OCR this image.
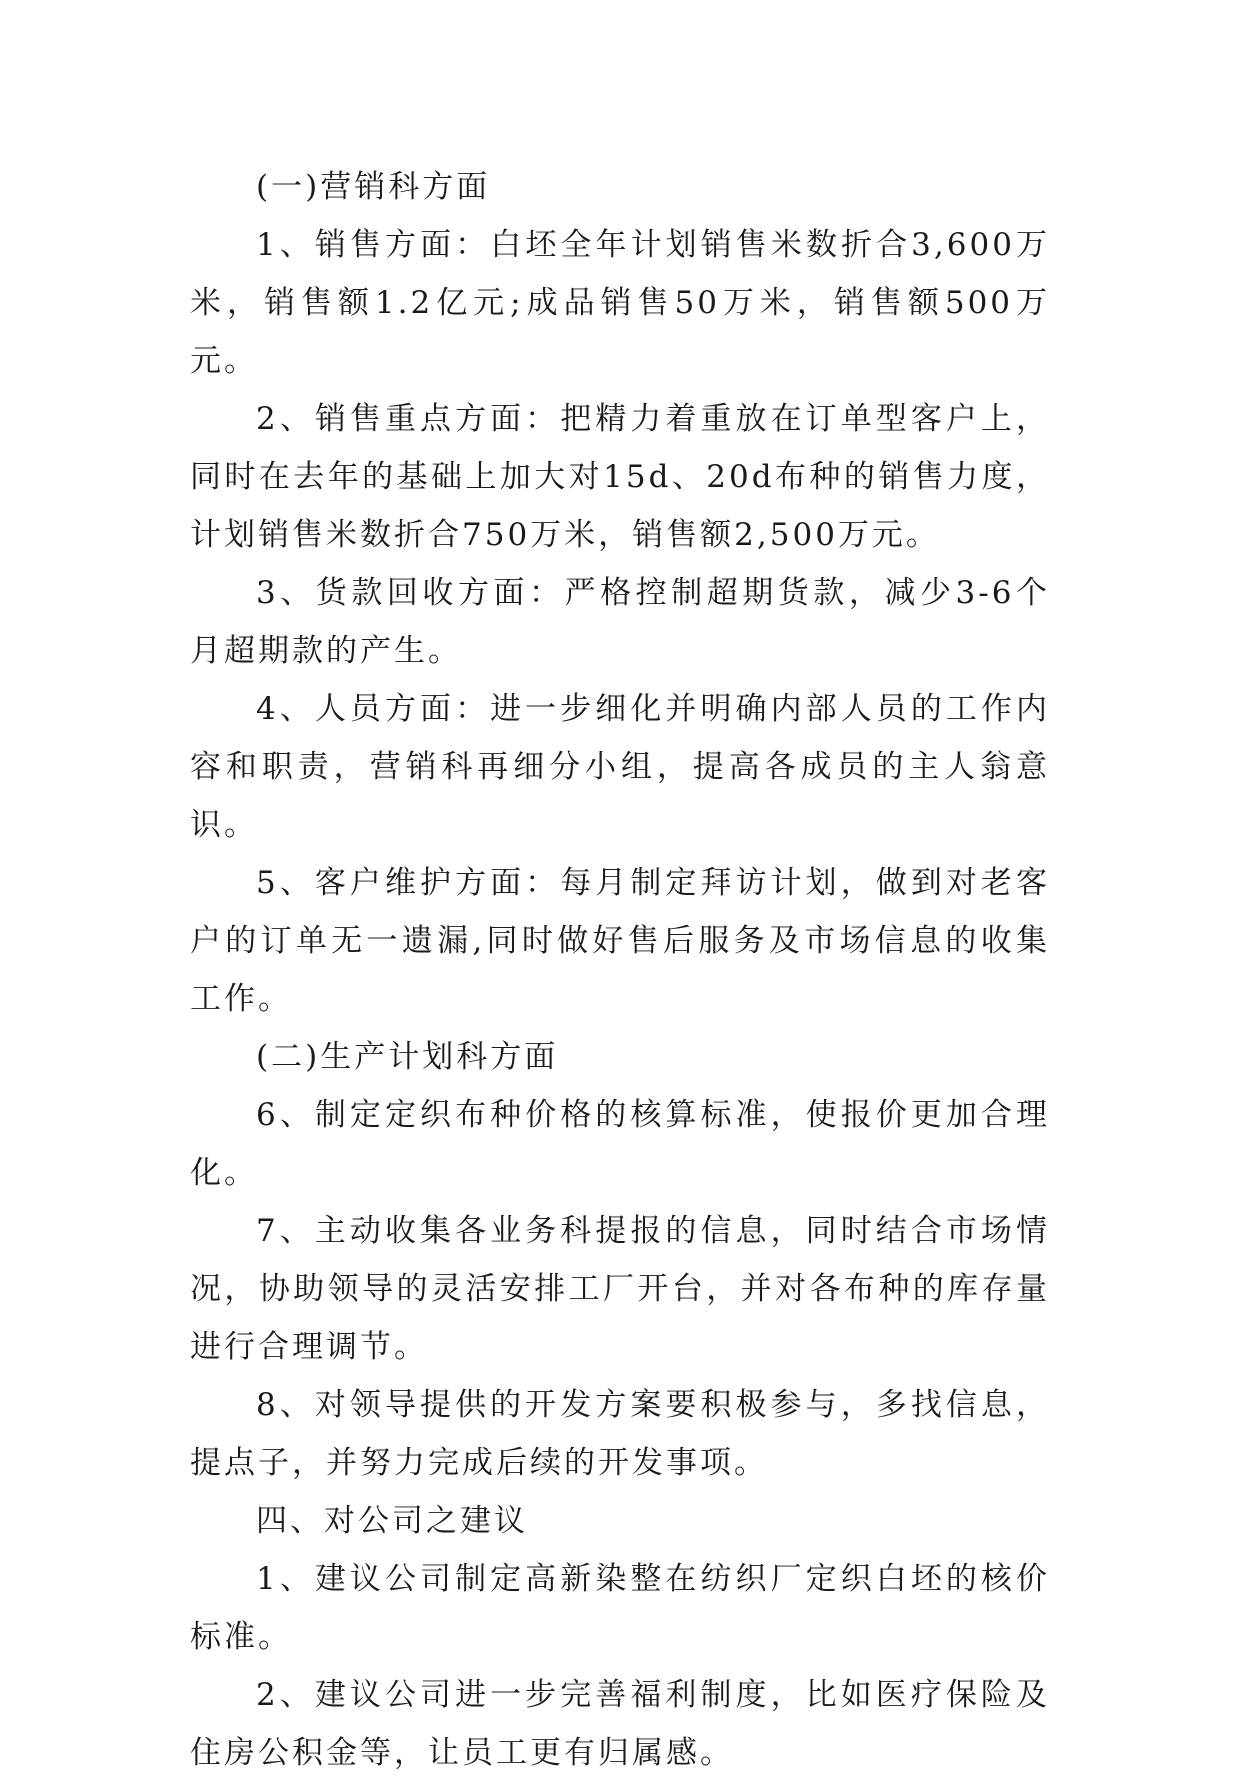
(一)营销科方面

1、销售方面：白坯全年计划销售米数折合3,600万米，销售额1.2亿元;成品销售50万米，销售额500万元。

2、销售重点方面：把精力着重放在订单型客户上，同时在去年的基础上加大对15d、20d布种的销售力度，计划销售米数折合750万米，销售额2,500万元。

3、货款回收方面：严格控制超期货款，减少3-6个月超期款的产生。

4、人员方面：进一步细化并明确内部人员的工作内容和职责，营销科再细分小组，提高各成员的主人翁意识。

5、客户维护方面：每月制定拜访计划，做到对老客户的订单无一遗漏,同时做好售后服务及市场信息的收集工作。

(二)生产计划科方面

6、制定定织布种价格的核算标准，使报价更加合理化。

7、主动收集各业务科提报的信息，同时结合市场情况，协助领导的灵活安排工厂开台，并对各布种的库存量进行合理调节。

8、对领导提供的开发方案要积极参与，多找信息，提点子，并努力完成后续的开发事项。

四、对公司之建议

1、建议公司制定高新染整在纺织厂定织白坯的核价标准。

2、建议公司进一步完善福利制度，比如医疗保险及住房公积金等，让员工更有归属感。
